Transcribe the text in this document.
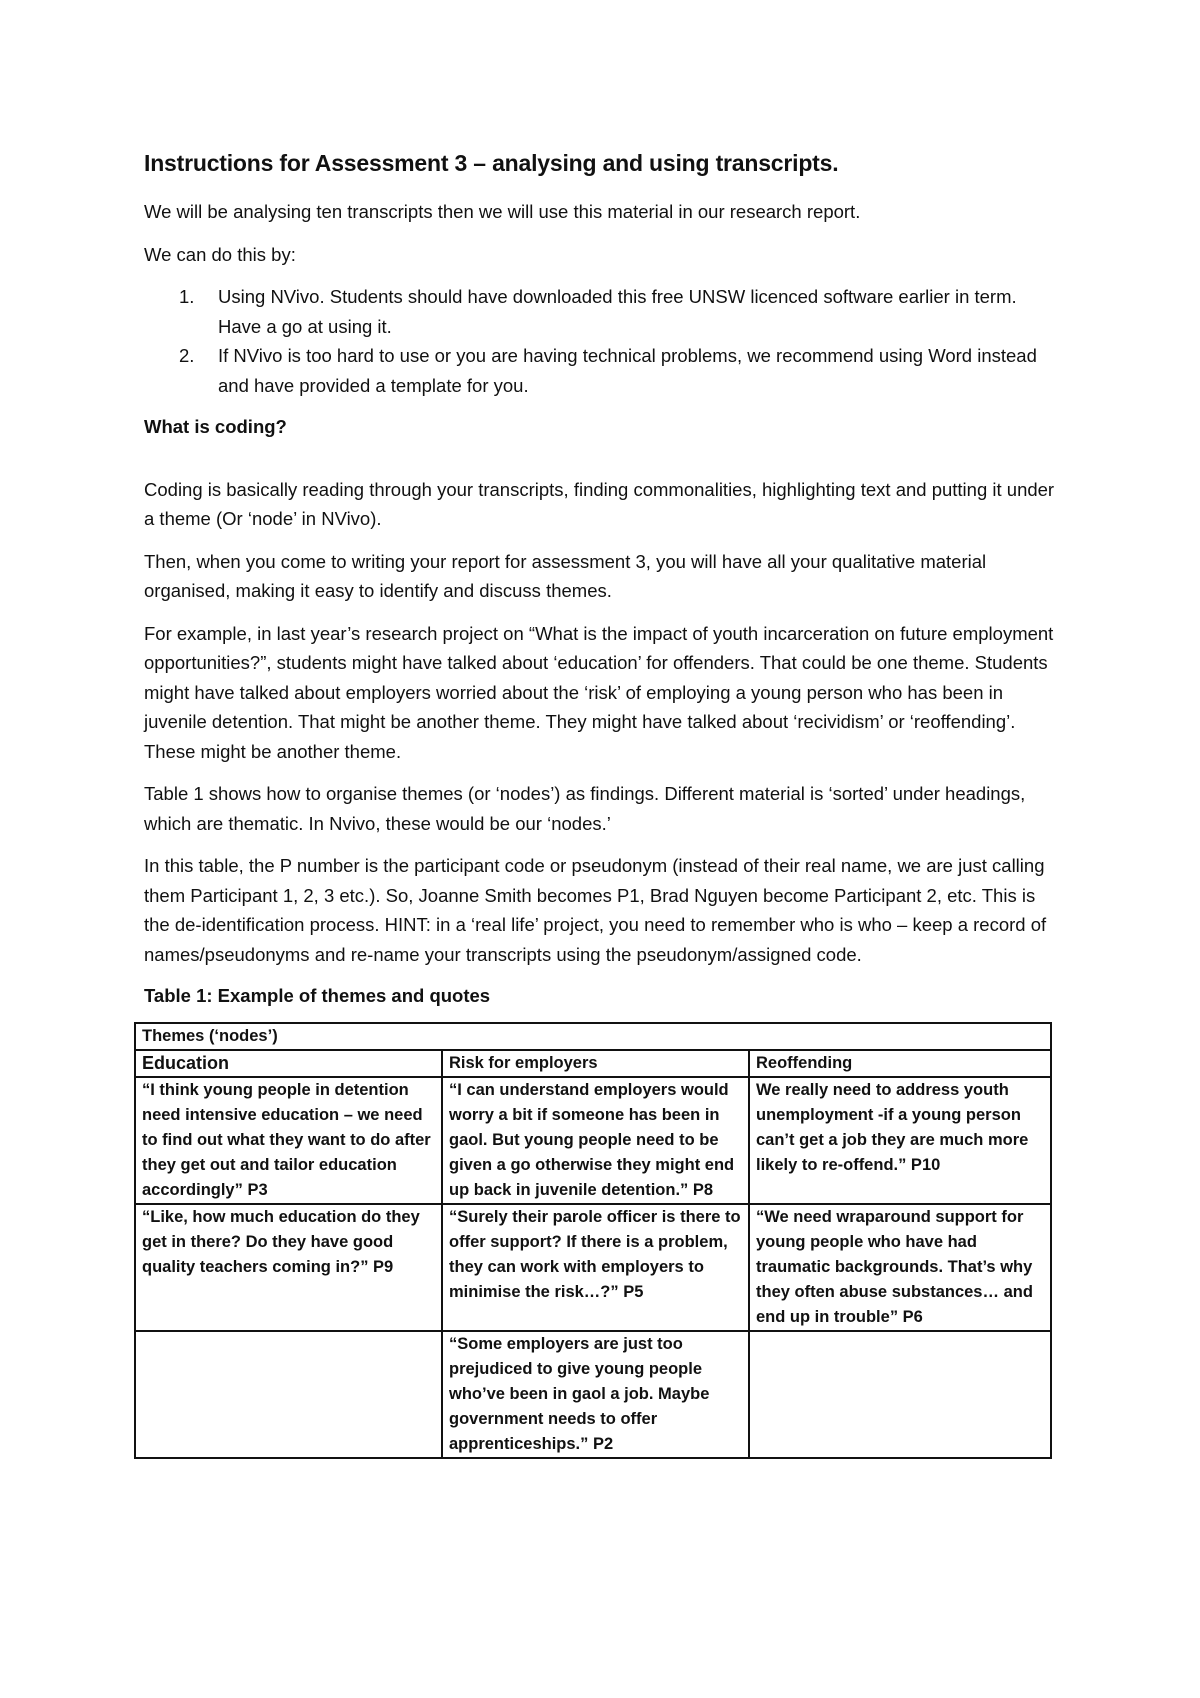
Instructions for Assessment 3 – analysing and using transcripts.

We will be analysing ten transcripts then we will use this material in our research report.

We can do this by:

1. Using NVivo. Students should have downloaded this free UNSW licenced software earlier in term. Have a go at using it.
2. If NVivo is too hard to use or you are having technical problems, we recommend using Word instead and have provided a template for you.

What is coding?

Coding is basically reading through your transcripts, finding commonalities, highlighting text and putting it under a theme (Or ‘node’ in NVivo).

Then, when you come to writing your report for assessment 3, you will have all your qualitative material organised, making it easy to identify and discuss themes.

For example, in last year’s research project on “What is the impact of youth incarceration on future employment opportunities?”, students might have talked about ‘education’ for offenders. That could be one theme. Students might have talked about employers worried about the ‘risk’ of employing a young person who has been in juvenile detention. That might be another theme. They might have talked about ‘recividism’ or ‘reoffending’. These might be another theme.

Table 1 shows how to organise themes (or ‘nodes’) as findings. Different material is ‘sorted’ under headings, which are thematic. In Nvivo, these would be our ‘nodes.’

In this table, the P number is the participant code or pseudonym (instead of their real name, we are just calling them Participant 1, 2, 3 etc.). So, Joanne Smith becomes P1, Brad Nguyen become Participant 2, etc. This is the de-identification process. HINT: in a ‘real life’ project, you need to remember who is who – keep a record of names/pseudonyms and re-name your transcripts using the pseudonym/assigned code.

Table 1: Example of themes and quotes
Themes (‘nodes’)		
Education	Risk for employers	Reoffending
“I think young people in detention need intensive education – we need to find out what they want to do after they get out and tailor education accordingly” P3	“I can understand employers would worry a bit if someone has been in gaol. But young people need to be given a go otherwise they might end up back in juvenile detention.” P8	We really need to address youth unemployment -if a young person can’t get a job they are much more likely to re-offend.” P10
“Like, how much education do they get in there? Do they have good quality teachers coming in?” P9	“Surely their parole officer is there to offer support? If there is a problem, they can work with employers to minimise the risk…?” P5	“We need wraparound support for young people who have had traumatic backgrounds. That’s why they often abuse substances… and end up in trouble” P6
	“Some employers are just too prejudiced to give young people who’ve been in gaol a job. Maybe government needs to offer apprenticeships.” P2	
